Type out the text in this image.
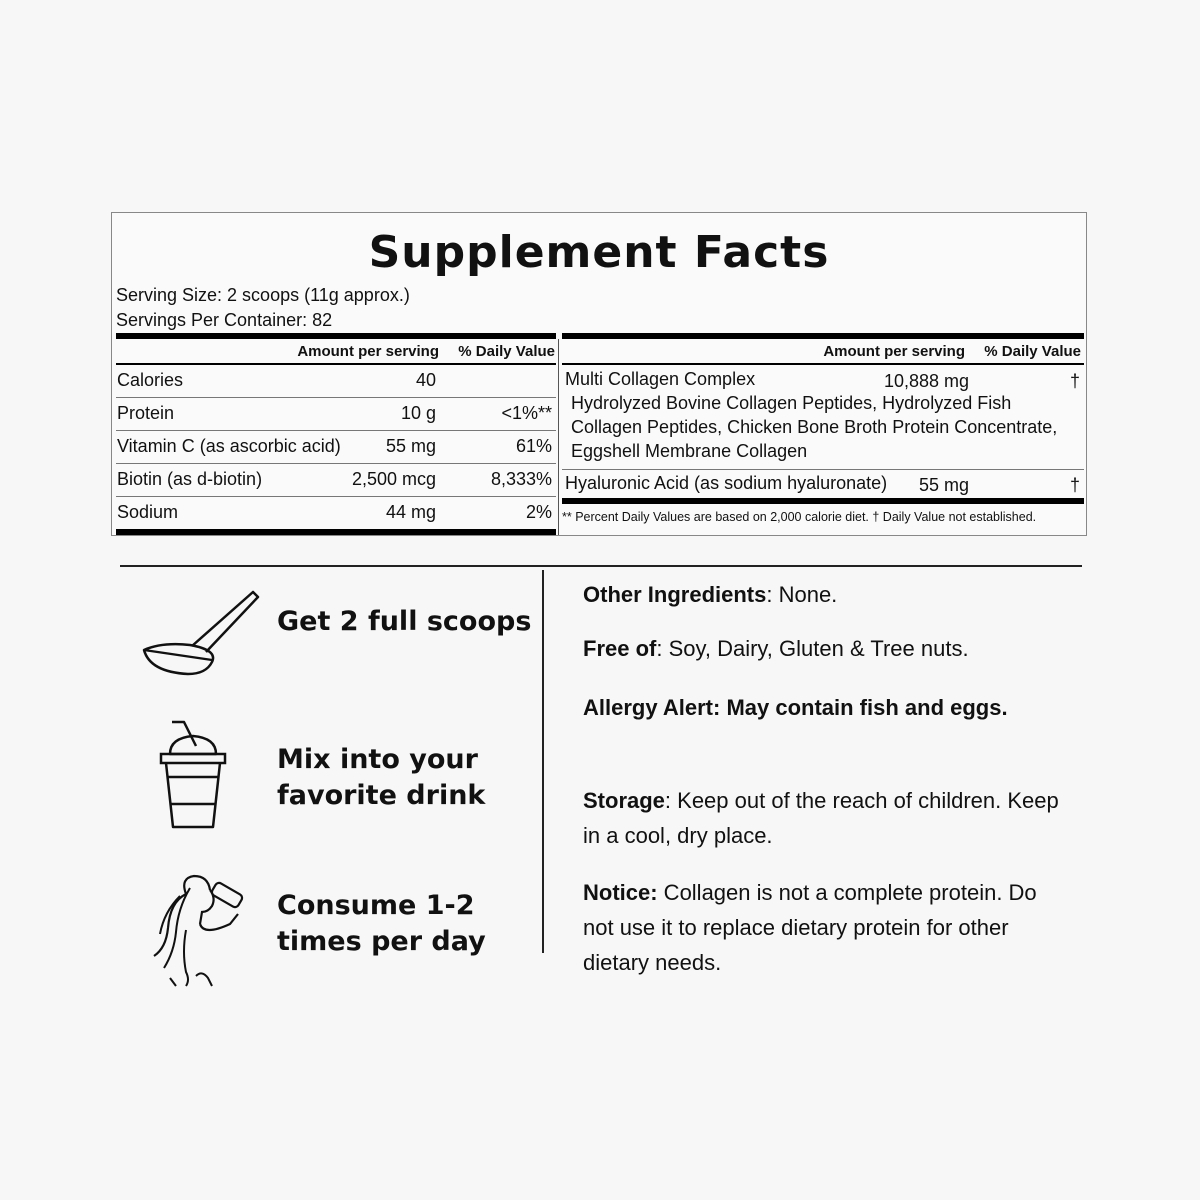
Supplement Facts
Serving Size: 2 scoops (11g approx.)
Servings Per Container: 82
Amount per serving % Daily Value
Calories	40
Protein	10 g	<1%**
Vitamin C (as ascorbic acid)	55 mg	61%
Biotin (as d-biotin)	2,500 mcg	8,333%
Sodium	44 mg	2%
Amount per serving % Daily Value
Multi Collagen Complex	10,888 mg	†
Hydrolyzed Bovine Collagen Peptides, Hydrolyzed Fish Collagen Peptides, Chicken Bone Broth Protein Concentrate, Eggshell Membrane Collagen
Hyaluronic Acid (as sodium hyaluronate) 55 mg	†
** Percent Daily Values are based on 2,000 calorie diet. † Daily Value not established.
Get 2 full scoops
Mix into your favorite drink
Consume 1-2 times per day
Other Ingredients: None.
Free of: Soy, Dairy, Gluten & Tree nuts.
Allergy Alert: May contain fish and eggs.
Storage: Keep out of the reach of children. Keep in a cool, dry place.
Notice: Collagen is not a complete protein. Do not use it to replace dietary protein for other dietary needs.
